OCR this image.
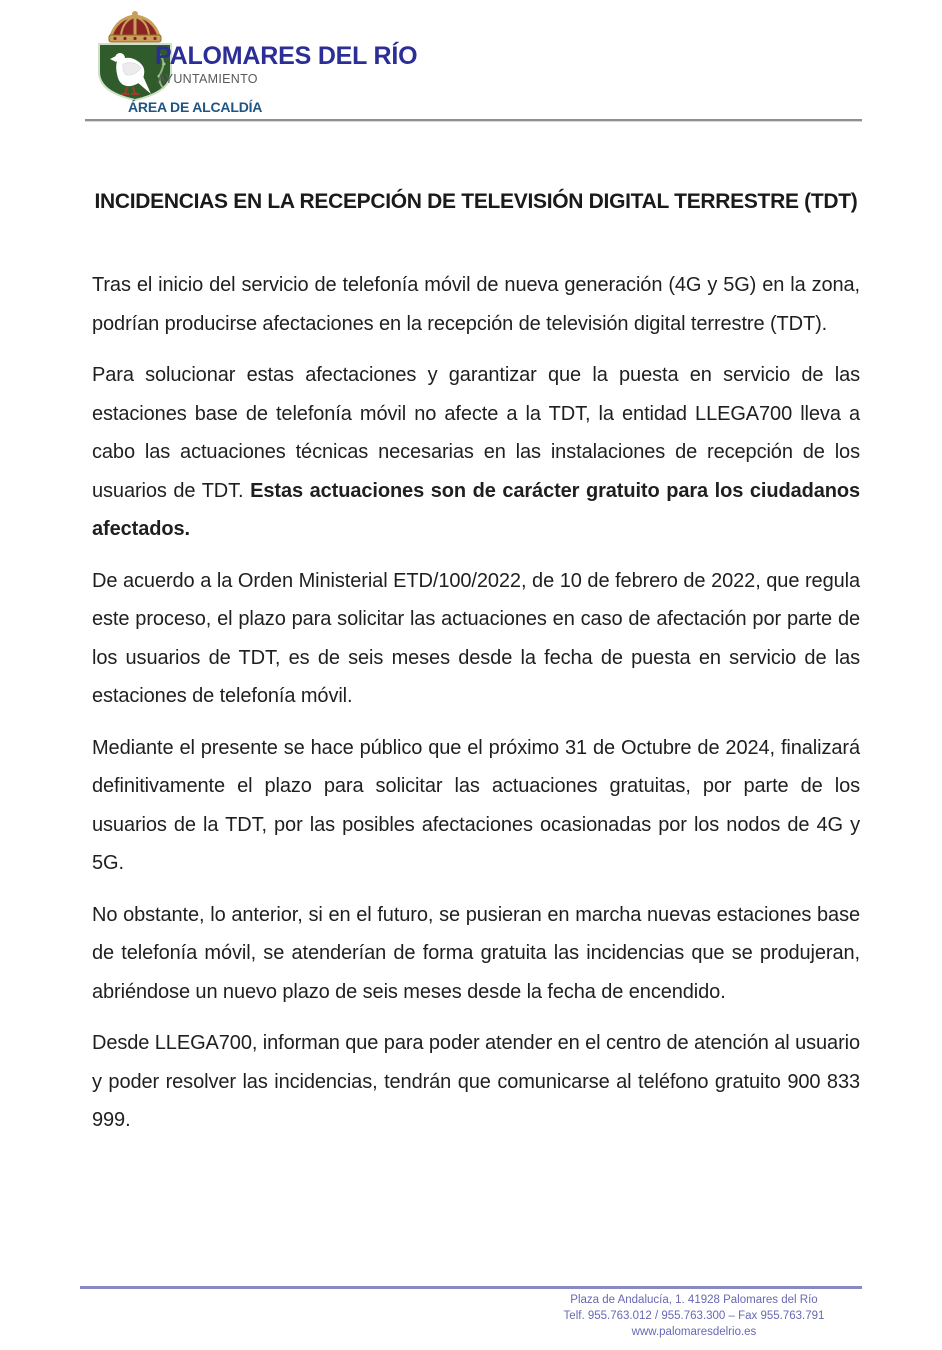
PALOMARES DEL RÍO
AYUNTAMIENTO
ÁREA DE ALCALDÍA
INCIDENCIAS EN LA RECEPCIÓN DE TELEVISIÓN DIGITAL TERRESTRE (TDT)

Tras el inicio del servicio de telefonía móvil de nueva generación (4G y 5G) en la zona, podrían producirse afectaciones en la recepción de televisión digital terrestre (TDT).

Para solucionar estas afectaciones y garantizar que la puesta en servicio de las estaciones base de telefonía móvil no afecte a la TDT, la entidad LLEGA700 lleva a cabo las actuaciones técnicas necesarias en las instalaciones de recepción de los usuarios de TDT. Estas actuaciones son de carácter gratuito para los ciudadanos afectados.

De acuerdo a la Orden Ministerial ETD/100/2022, de 10 de febrero de 2022, que regula este proceso, el plazo para solicitar las actuaciones en caso de afectación por parte de los usuarios de TDT, es de seis meses desde la fecha de puesta en servicio de las estaciones de telefonía móvil.

Mediante el presente se hace público que el próximo 31 de Octubre de 2024, finalizará definitivamente el plazo para solicitar las actuaciones gratuitas, por parte de los usuarios de la TDT, por las posibles afectaciones ocasionadas por los nodos de 4G y 5G.

No obstante, lo anterior, si en el futuro, se pusieran en marcha nuevas estaciones base de telefonía móvil, se atenderían de forma gratuita las incidencias que se produjeran, abriéndose un nuevo plazo de seis meses desde la fecha de encendido.

Desde LLEGA700, informan que para poder atender en el centro de atención al usuario y poder resolver las incidencias, tendrán que comunicarse al teléfono gratuito 900 833 999.

Plaza de Andalucía, 1. 41928 Palomares del Río
Telf. 955.763.012 / 955.763.300 – Fax 955.763.791
www.palomaresdelrio.es
